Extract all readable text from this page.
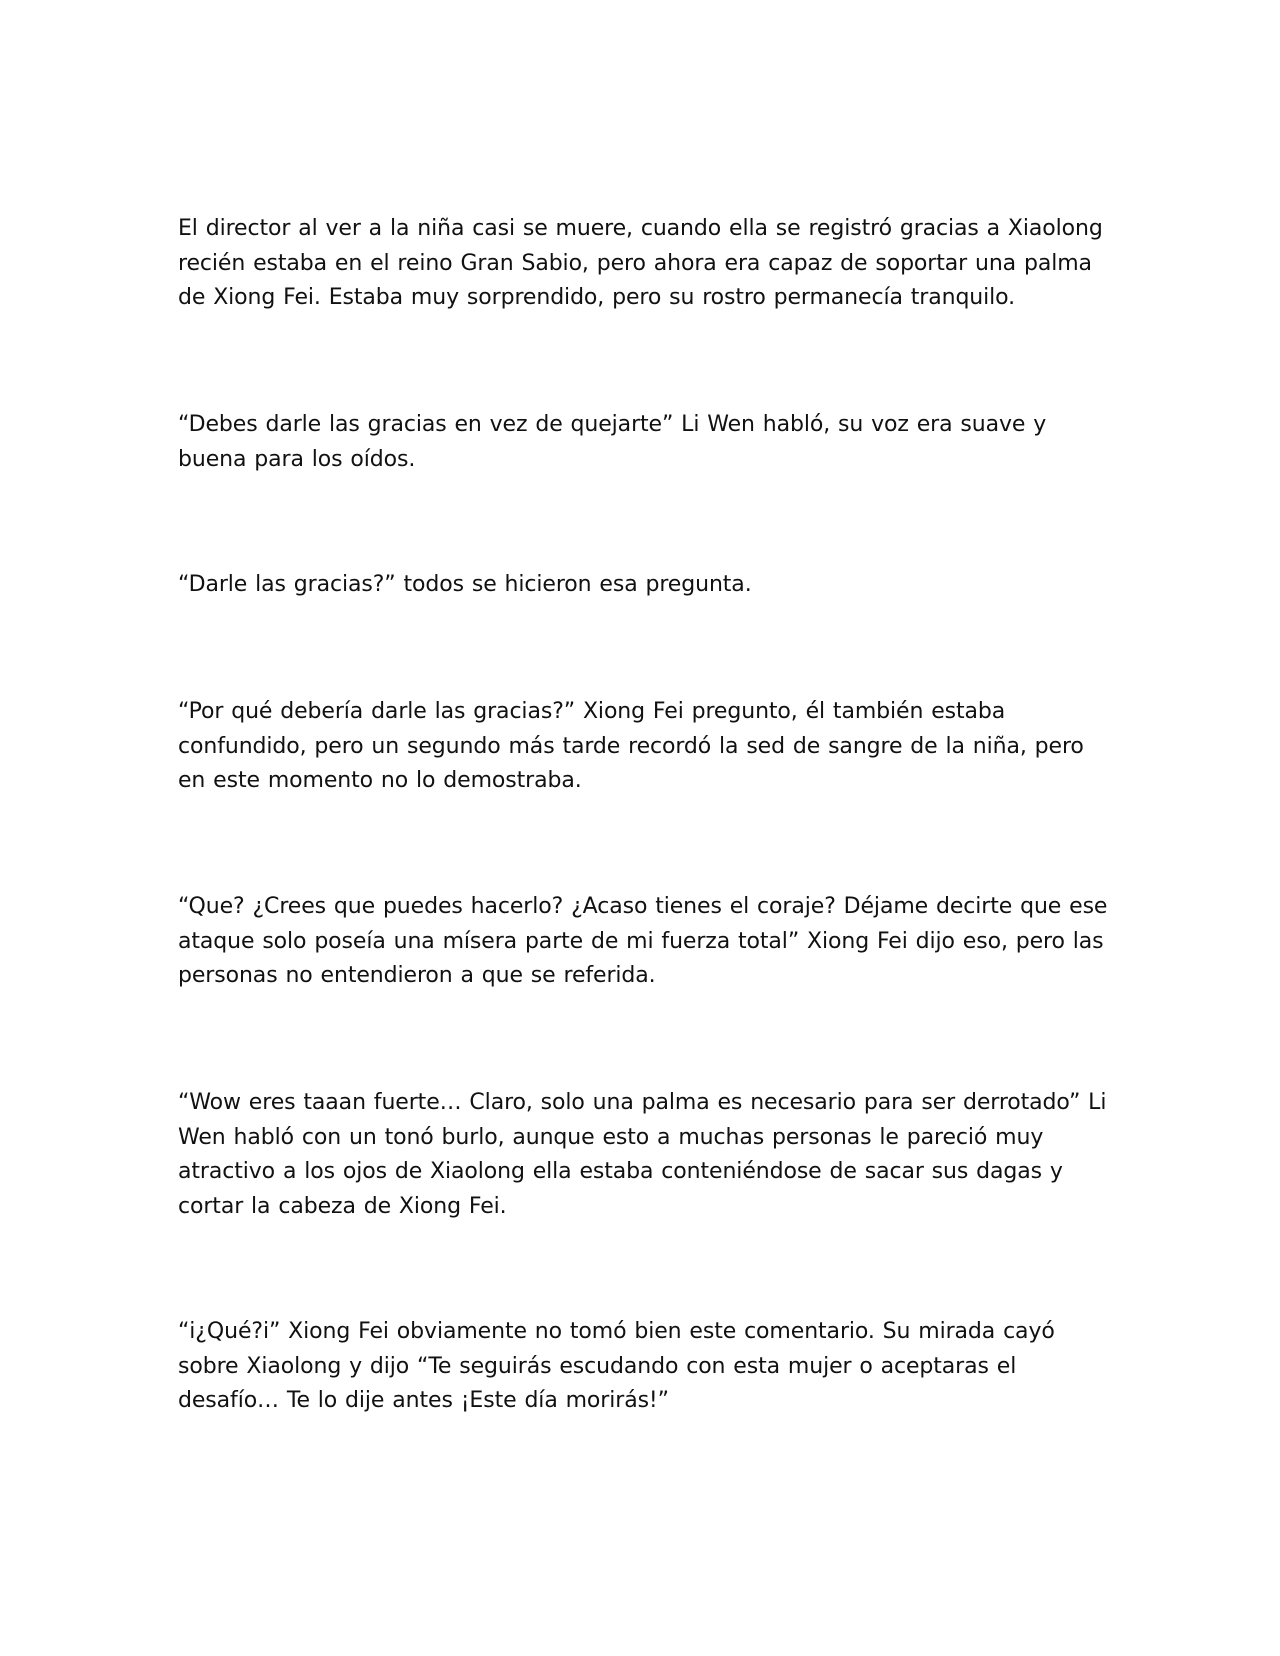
El director al ver a la niña casi se muere, cuando ella se registró gracias a Xiaolong recién estaba en el reino Gran Sabio, pero ahora era capaz de soportar una palma de Xiong Fei. Estaba muy sorprendido, pero su rostro permanecía tranquilo.

“Debes darle las gracias en vez de quejarte” Li Wen habló, su voz era suave y buena para los oídos.

“Darle las gracias?” todos se hicieron esa pregunta.

“Por qué debería darle las gracias?” Xiong Fei pregunto, él también estaba confundido, pero un segundo más tarde recordó la sed de sangre de la niña, pero en este momento no lo demostraba.

“Que? ¿Crees que puedes hacerlo? ¿Acaso tienes el coraje? Déjame decirte que ese ataque solo poseía una mísera parte de mi fuerza total” Xiong Fei dijo eso, pero las personas no entendieron a que se referida.

“Wow eres taaan fuerte… Claro, solo una palma es necesario para ser derrotado” Li Wen habló con un tonó burlo, aunque esto a muchas personas le pareció muy atractivo a los ojos de Xiaolong ella estaba conteniéndose de sacar sus dagas y cortar la cabeza de Xiong Fei.

“i¿Qué?i” Xiong Fei obviamente no tomó bien este comentario. Su mirada cayó sobre Xiaolong y dijo “Te seguirás escudando con esta mujer o aceptaras el desafío… Te lo dije antes ¡Este día morirás!”
